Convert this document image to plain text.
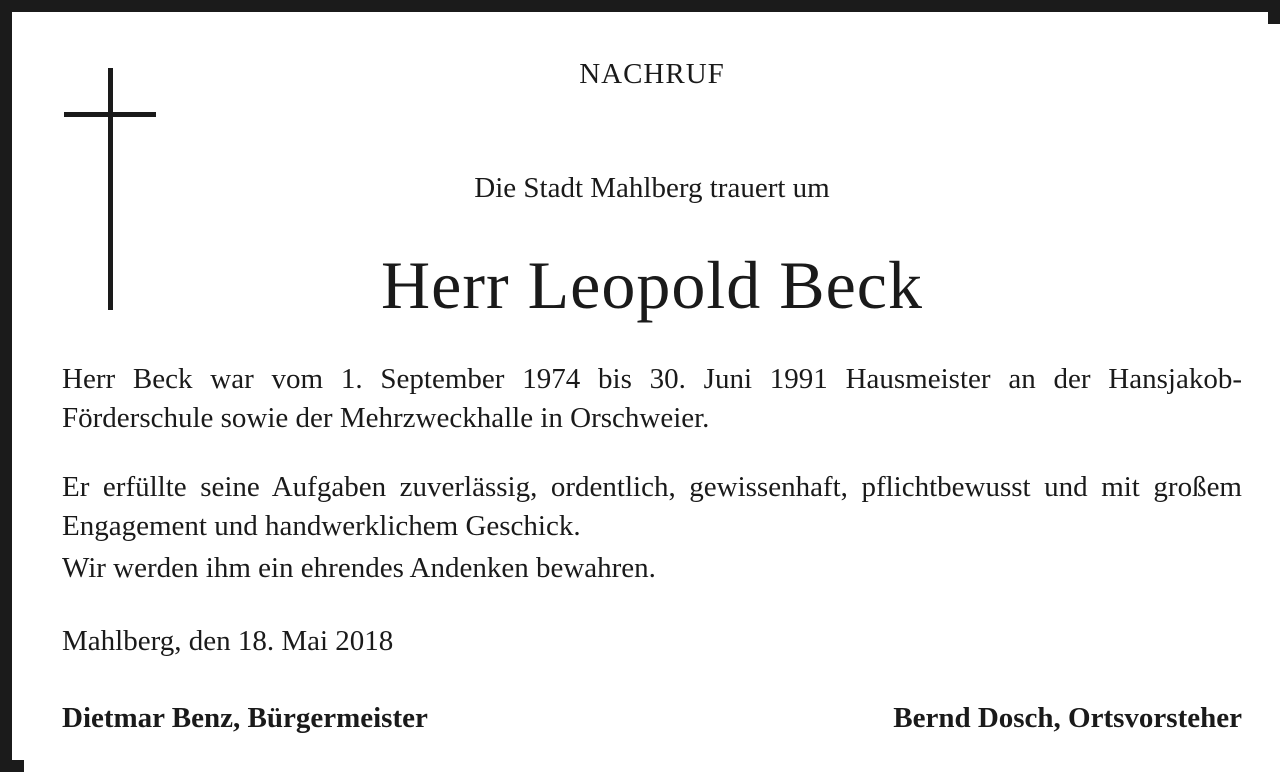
NACHRUF
Die Stadt Mahlberg trauert um
Herr Leopold Beck
Herr Beck war vom 1. September 1974 bis 30. Juni 1991 Hausmeister an der Hansjakob-Förderschule sowie der Mehrzweckhalle in Orschweier.
Er erfüllte seine Aufgaben zuverlässig, ordentlich, gewissenhaft, pflichtbewusst und mit großem Engagement und handwerklichem Geschick.
Wir werden ihm ein ehrendes Andenken bewahren.
Mahlberg, den 18. Mai 2018
Dietmar Benz, Bürgermeister	Bernd Dosch, Ortsvorsteher
